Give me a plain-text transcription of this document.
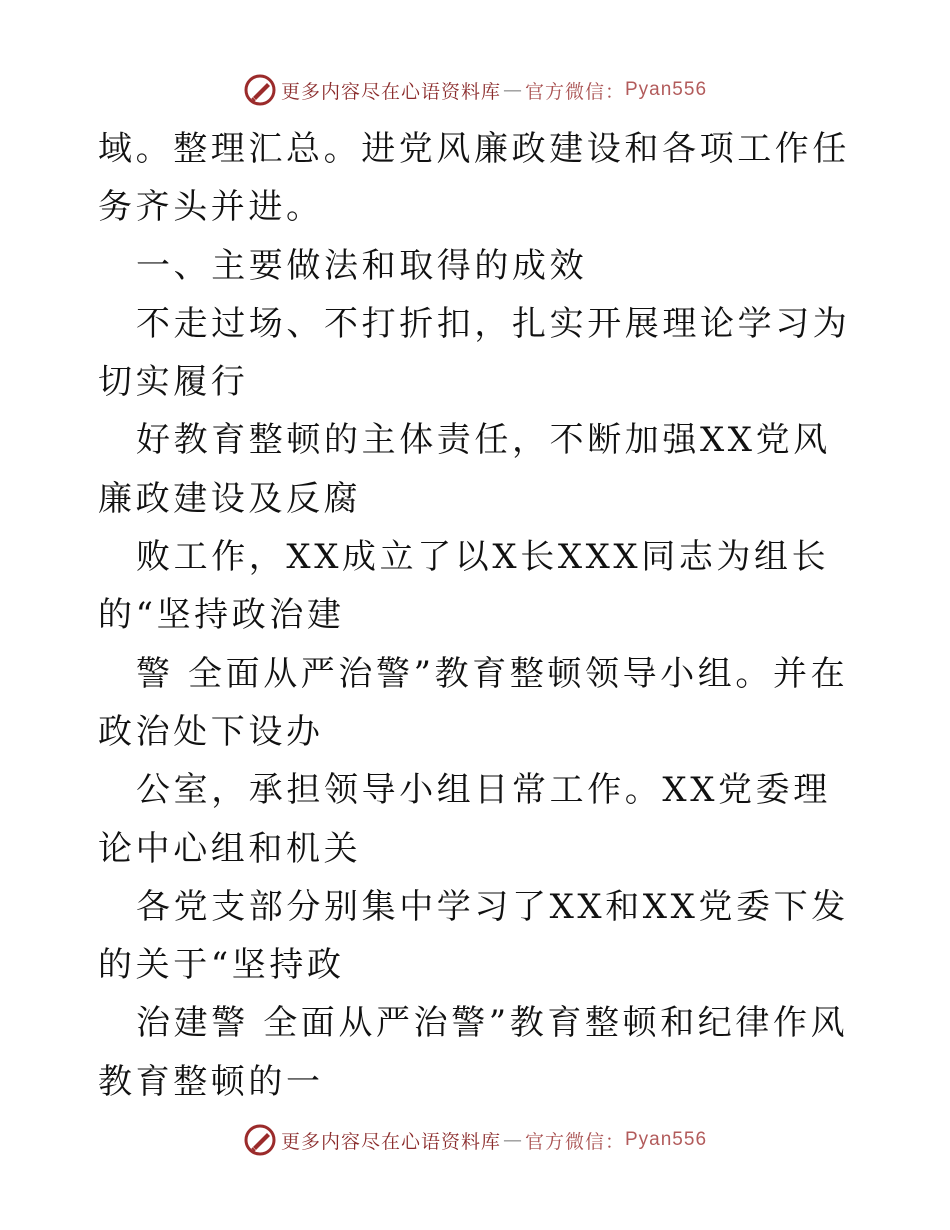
更多内容尽在心语资料库 — 官方微信： Pyan556

域。整理汇总。进党风廉政建设和各项工作任务齐头并进。

一、主要做法和取得的成效

不走过场、不打折扣，扎实开展理论学习为切实履行

好教育整顿的主体责任，不断加强XX党风廉政建设及反腐

败工作，XX成立了以X长XXX同志为组长的“坚持政治建

警 全面从严治警”教育整顿领导小组。并在政治处下设办

公室，承担领导小组日常工作。XX党委理论中心组和机关

各党支部分别集中学习了XX和XX党委下发的关于“坚持政

治建警 全面从严治警”教育整顿和纪律作风教育整顿的一

更多内容尽在心语资料库 — 官方微信： Pyan556
